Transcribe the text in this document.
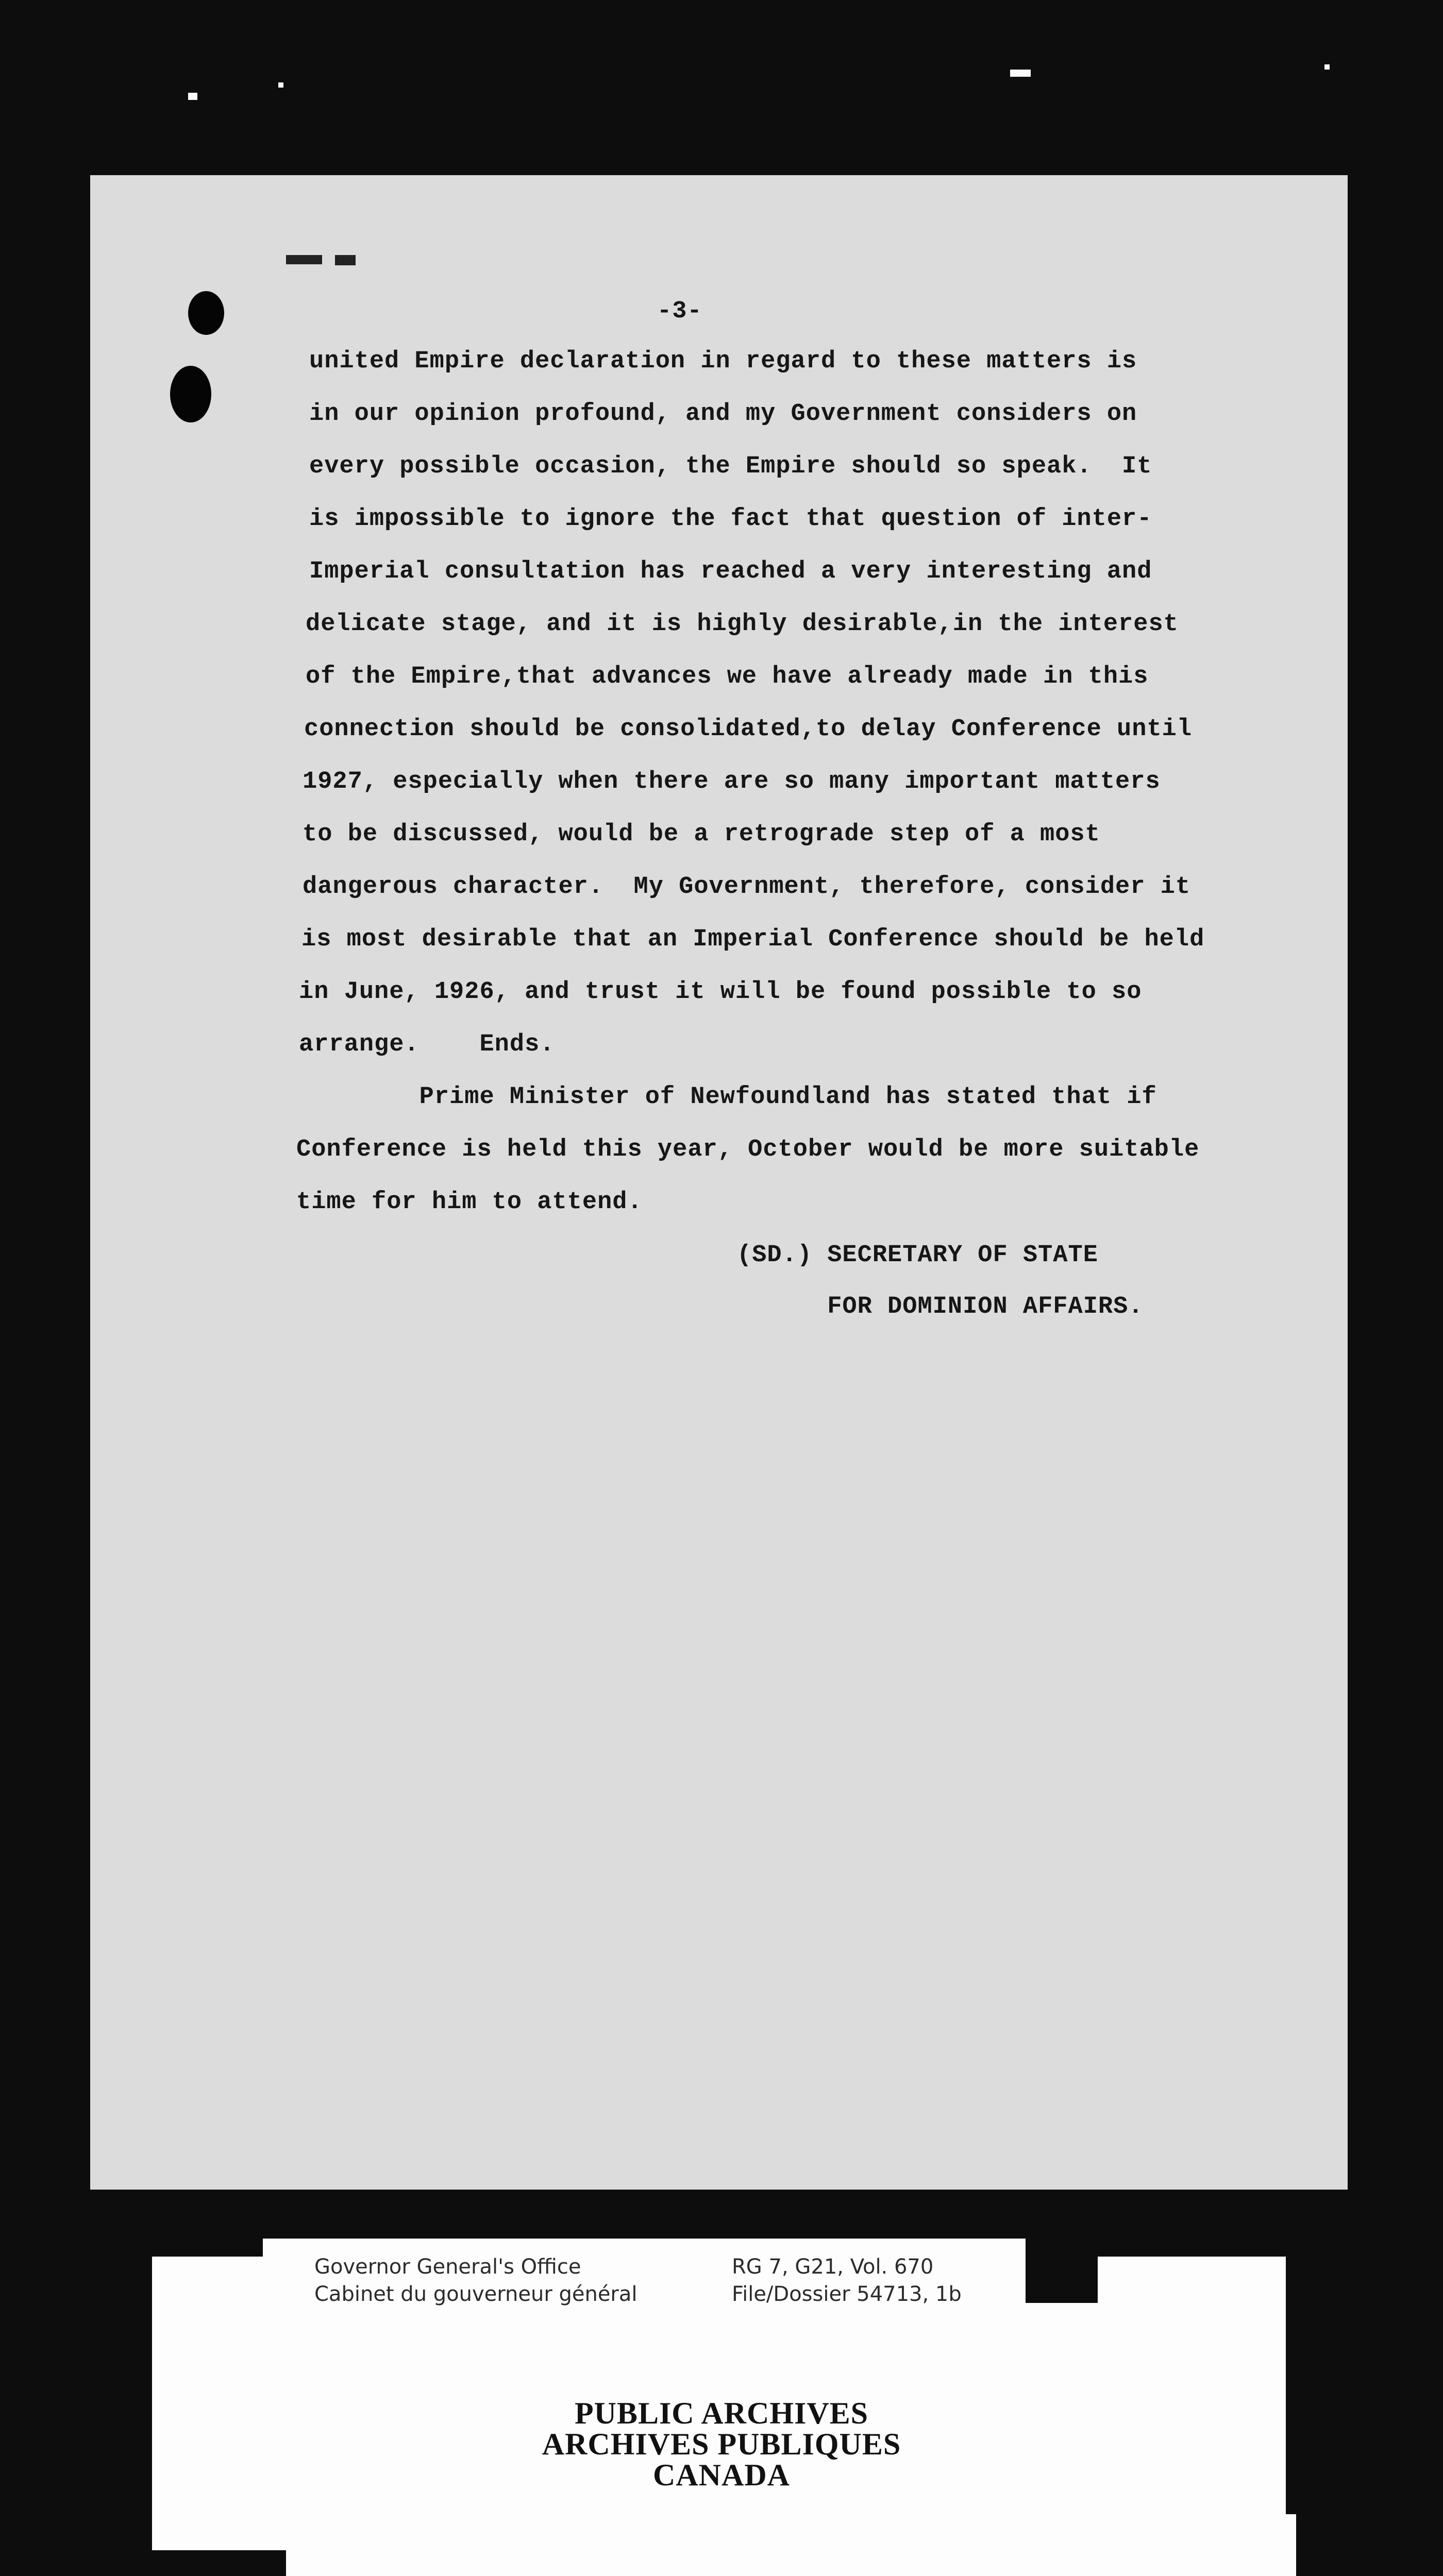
-3-
united Empire declaration in regard to these matters is
in our opinion profound, and my Government considers on
every possible occasion, the Empire should so speak.  It
is impossible to ignore the fact that question of inter-
Imperial consultation has reached a very interesting and
delicate stage, and it is highly desirable,in the interest
of the Empire,that advances we have already made in this
connection should be consolidated,to delay Conference until
1927, especially when there are so many important matters
to be discussed, would be a retrograde step of a most
dangerous character.  My Government, therefore, consider it
is most desirable that an Imperial Conference should be held
in June, 1926, and trust it will be found possible to so
arrange.    Ends.
Prime Minister of Newfoundland has stated that if
Conference is held this year, October would be more suitable
time for him to attend.
(SD.) SECRETARY OF STATE
FOR DOMINION AFFAIRS.
Governor General's Office
Cabinet du gouverneur général
RG 7, G21, Vol. 670
File/Dossier 54713, 1b
PUBLIC ARCHIVES
ARCHIVES PUBLIQUES
CANADA
